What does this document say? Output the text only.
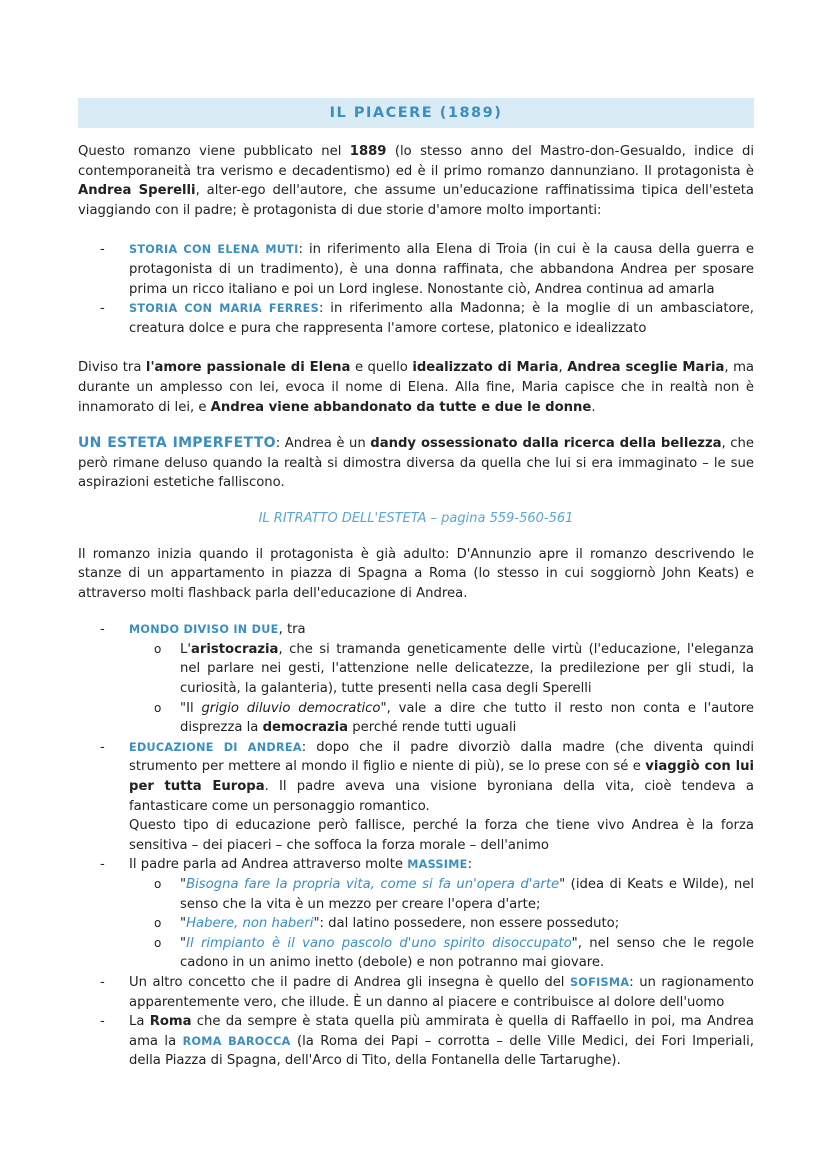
IL PIACERE (1889)

Questo romanzo viene pubblicato nel 1889 (lo stesso anno del Mastro-don-Gesualdo, indice di contemporaneità tra verismo e decadentismo) ed è il primo romanzo dannunziano. Il protagonista è Andrea Sperelli, alter-ego dell'autore, che assume un'educazione raffinatissima tipica dell'esteta viaggiando con il padre; è protagonista di due storie d'amore molto importanti:

- STORIA CON ELENA MUTI: in riferimento alla Elena di Troia (in cui è la causa della guerra e protagonista di un tradimento), è una donna raffinata, che abbandona Andrea per sposare prima un ricco italiano e poi un Lord inglese. Nonostante ciò, Andrea continua ad amarla
- STORIA CON MARIA FERRES: in riferimento alla Madonna; è la moglie di un ambasciatore, creatura dolce e pura che rappresenta l'amore cortese, platonico e idealizzato

Diviso tra l'amore passionale di Elena e quello idealizzato di Maria, Andrea sceglie Maria, ma durante un amplesso con lei, evoca il nome di Elena. Alla fine, Maria capisce che in realtà non è innamorato di lei, e Andrea viene abbandonato da tutte e due le donne.

UN ESTETA IMPERFETTO: Andrea è un dandy ossessionato dalla ricerca della bellezza, che però rimane deluso quando la realtà si dimostra diversa da quella che lui si era immaginato – le sue aspirazioni estetiche falliscono.

IL RITRATTO DELL'ESTETA – pagina 559-560-561

Il romanzo inizia quando il protagonista è già adulto: D'Annunzio apre il romanzo descrivendo le stanze di un appartamento in piazza di Spagna a Roma (lo stesso in cui soggiornò John Keats) e attraverso molti flashback parla dell'educazione di Andrea.

- MONDO DIVISO IN DUE, tra
o L'aristocrazia, che si tramanda geneticamente delle virtù (l'educazione, l'eleganza nel parlare nei gesti, l'attenzione nelle delicatezze, la predilezione per gli studi, la curiosità, la galanteria), tutte presenti nella casa degli Sperelli
o "Il grigio diluvio democratico", vale a dire che tutto il resto non conta e l'autore disprezza la democrazia perché rende tutti uguali
- EDUCAZIONE DI ANDREA: dopo che il padre divorziò dalla madre (che diventa quindi strumento per mettere al mondo il figlio e niente di più), se lo prese con sé e viaggiò con lui per tutta Europa. Il padre aveva una visione byroniana della vita, cioè tendeva a fantasticare come un personaggio romantico.
Questo tipo di educazione però fallisce, perché la forza che tiene vivo Andrea è la forza sensitiva – dei piaceri – che soffoca la forza morale – dell'animo
- Il padre parla ad Andrea attraverso molte MASSIME:
o "Bisogna fare la propria vita, come si fa un'opera d'arte" (idea di Keats e Wilde), nel senso che la vita è un mezzo per creare l'opera d'arte;
o "Habere, non haberi": dal latino possedere, non essere posseduto;
o "Il rimpianto è il vano pascolo d'uno spirito disoccupato", nel senso che le regole cadono in un animo inetto (debole) e non potranno mai giovare.
- Un altro concetto che il padre di Andrea gli insegna è quello del SOFISMA: un ragionamento apparentemente vero, che illude. È un danno al piacere e contribuisce al dolore dell'uomo
- La Roma che da sempre è stata quella più ammirata è quella di Raffaello in poi, ma Andrea ama la ROMA BAROCCA (la Roma dei Papi – corrotta – delle Ville Medici, dei Fori Imperiali, della Piazza di Spagna, dell'Arco di Tito, della Fontanella delle Tartarughe).
